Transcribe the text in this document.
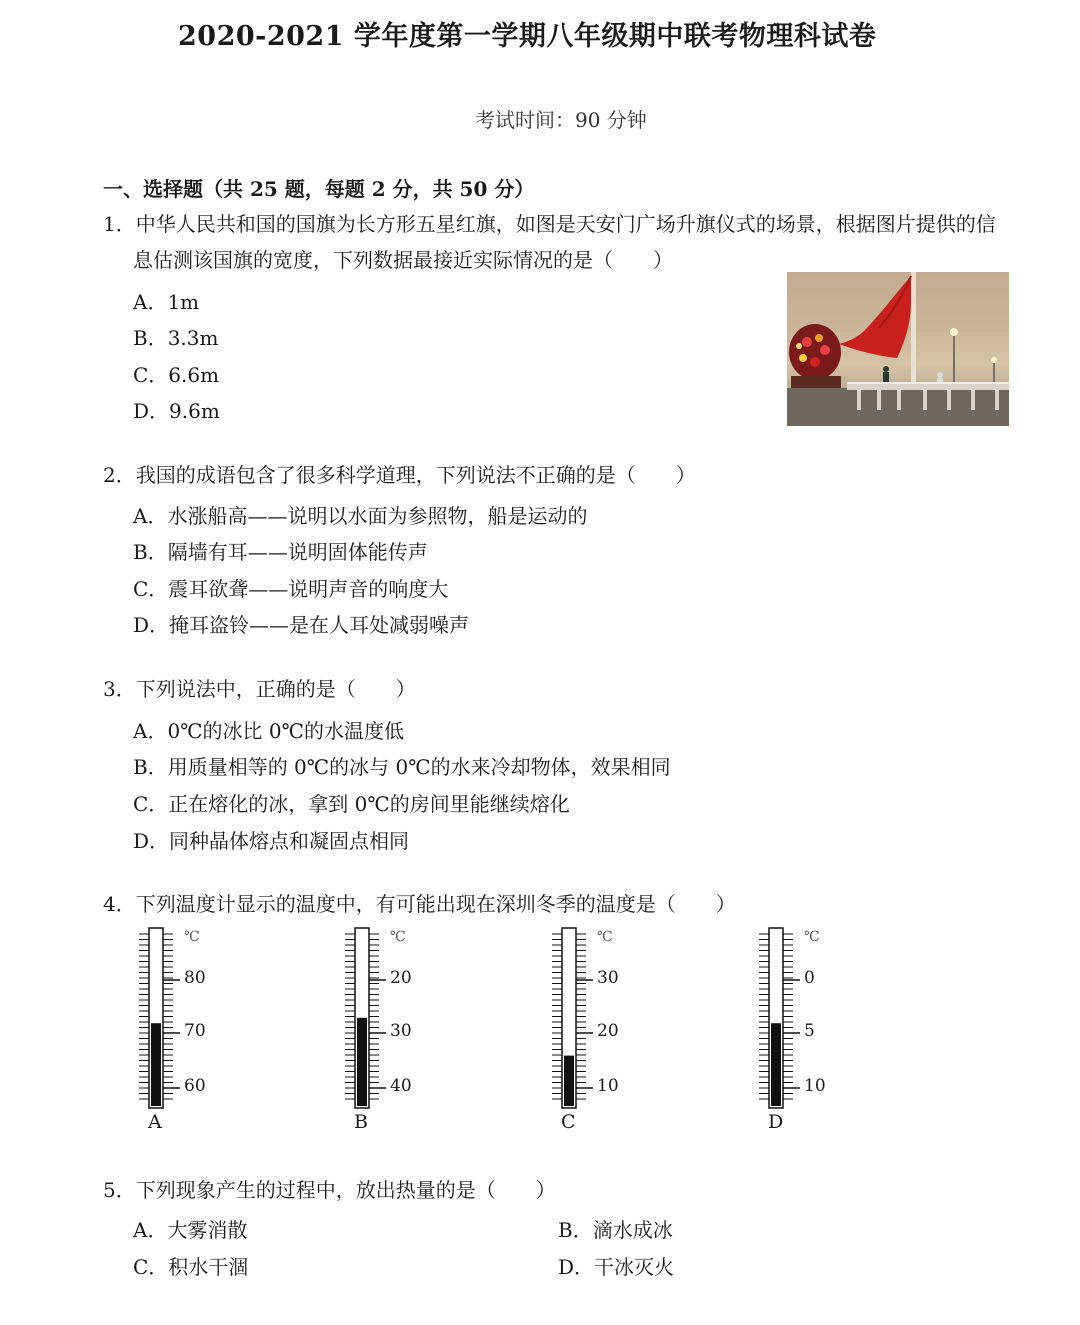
2020-2021 学年度第一学期八年级期中联考物理科试卷
考试时间：90 分钟
一、选择题（共 25 题，每题 2 分，共 50 分）
1．中华人民共和国的国旗为长方形五星红旗，如图是天安门广场升旗仪式的场景，根据图片提供的信
息估测该国旗的宽度，下列数据最接近实际情况的是（　　）
A．1m
B．3.3m
C．6.6m
D．9.6m
2．我国的成语包含了很多科学道理，下列说法不正确的是（　　）
A．水涨船高——说明以水面为参照物，船是运动的
B．隔墙有耳——说明固体能传声
C．震耳欲聋——说明声音的响度大
D．掩耳盗铃——是在人耳处减弱噪声
3．下列说法中，正确的是（　　）
A．0℃的冰比 0℃的水温度低
B．用质量相等的 0℃的冰与 0℃的水来冷却物体，效果相同
C．正在熔化的冰，拿到 0℃的房间里能继续熔化
D．同种晶体熔点和凝固点相同
4．下列温度计显示的温度中，有可能出现在深圳冬季的温度是（　　）
℃
80
70
60
A
℃
20
30
40
B
℃
30
20
10
C
℃
0
5
10
D
5．下列现象产生的过程中，放出热量的是（　　）
A．大雾消散	B．滴水成冰
C．积水干涸	D．干冰灭火
